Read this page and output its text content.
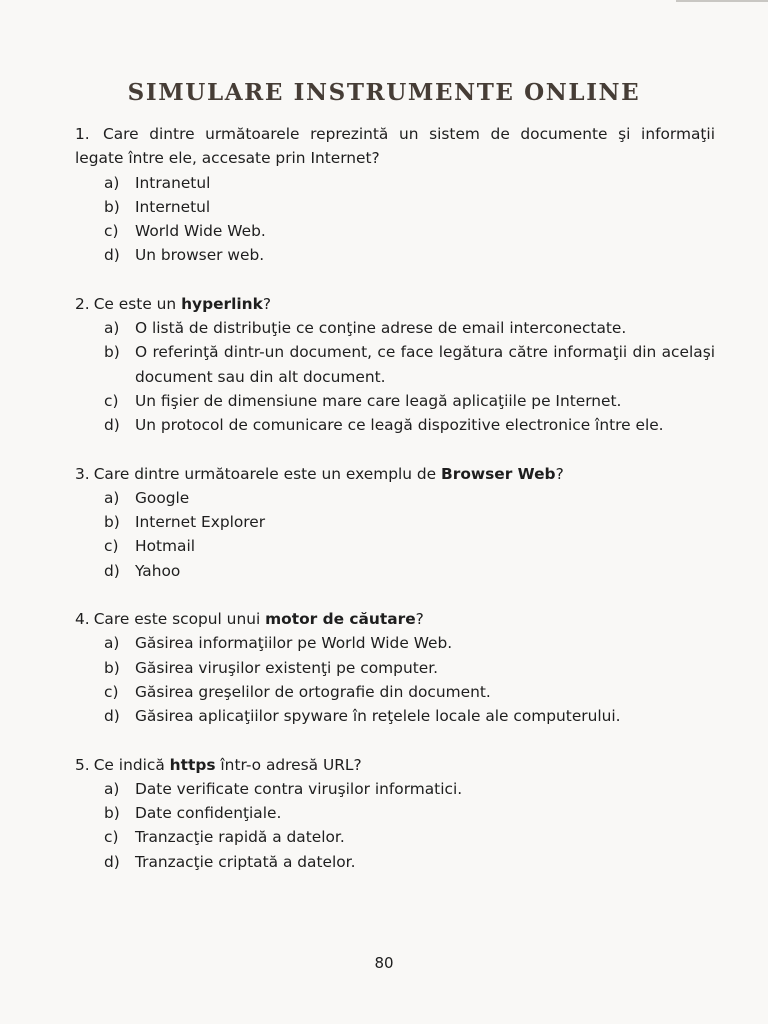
SIMULARE INSTRUMENTE ONLINE
1. Care dintre următoarele reprezintă un sistem de documente şi informaţii legate între ele, accesate prin Internet?
a)	Intranetul
b) Internetul
c)	World Wide Web.
d) Un browser web.
2. Ce este un hyperlink?
a)	O listă de distribuţie ce conţine adrese de email interconectate.
b) O referinţă dintr-un document, ce face legătura către informaţii din acelaşi document sau din alt document.
c)	Un fişier de dimensiune mare care leagă aplicaţiile pe Internet.
d) Un protocol de comunicare ce leagă dispozitive electronice între ele.
3. Care dintre următoarele este un exemplu de Browser Web?
a)	Google
b) Internet Explorer
c)	Hotmail
d) Yahoo
4. Care este scopul unui motor de căutare?
a)	Găsirea informaţiilor pe World Wide Web.
b) Găsirea viruşilor existenţi pe computer.
c)	Găsirea greşelilor de ortografie din document.
d) Găsirea aplicaţiilor spyware în reţelele locale ale computerului.
5. Ce indică https într-o adresă URL?
a)	Date verificate contra viruşilor informatici.
b) Date confidenţiale.
c)	Tranzacţie rapidă a datelor.
d) Tranzacţie criptată a datelor.
80
